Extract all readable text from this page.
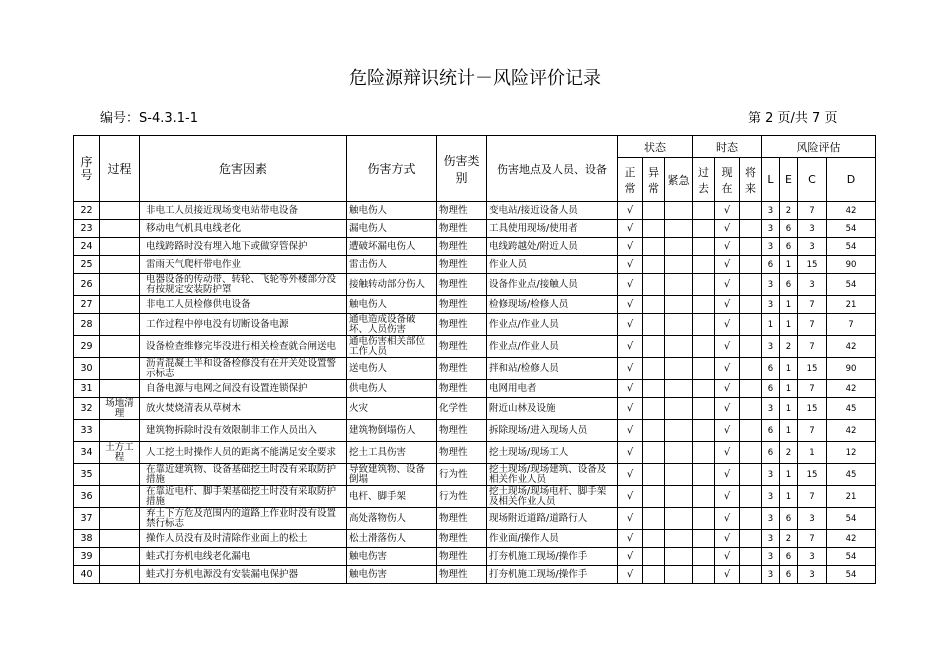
危险源辩识统计－风险评价记录
编号：S-4.3.1-1	第 2 页/共 7 页
序号	过程	危害因素	伤害方式	伤害类别	伤害地点及人员、设备	状态			时态			风险评估			
						正常	异常	紧急	过去	现在	将来	L	E	C	D
22		非电工人员接近现场变电站带电设备	触电伤人	物理性	变电站/接近设备人员	√				√		3	2	7	42
23		移动电气机具电线老化	漏电伤人	物理性	工具使用现场/使用者	√				√		3	6	3	54
24		电线跨路时没有埋入地下或做穿管保护	遭破坏漏电伤人	物理性	电线跨越处/附近人员	√				√		3	6	3	54
25		雷雨天气爬杆带电作业	雷击伤人	物理性	作业人员	√				√		6	1	15	90
26		电器设备的传动带、转轮、飞轮等外楼部分没有按规定安装防护罩	接触转动部分伤人	物理性	设备作业点/接触人员	√				√		3	6	3	54
27		非电工人员检修供电设备	触电伤人	物理性	检修现场/检修人员	√				√		3	1	7	21
28		工作过程中停电没有切断设备电源	通电造成设备破坏、人员伤害	物理性	作业点/作业人员	√				√		1	1	7	7
29		设备检查维修完毕没进行相关检查就合闸送电	通电伤害相关部位工作人员	物理性	作业点/作业人员	√				√		3	2	7	42
30		沥青混凝土半和设备检修没有在开关处设置警示标志	送电伤人	物理性	拌和站/检修人员	√				√		6	1	15	90
31		自备电源与电网之间没有设置连锁保护	供电伤人	物理性	电网用电者	√				√		6	1	7	42
32	场地清理	放火焚烧清表从草树木	火灾	化学性	附近山林及设施	√				√		3	1	15	45
33		建筑物拆除时没有效限制非工作人员出入	建筑物倒塌伤人	物理性	拆除现场/进入现场人员	√				√		6	1	7	42
34	土方工程	人工挖土时操作人员的距离不能满足安全要求	挖土工具伤害	物理性	挖土现场/现场工人	√				√		6	2	1	12
35		在靠近建筑物、设备基础挖土时没有采取防护措施	导致建筑物、设备倒塌	行为性	挖土现场/现场建筑、设备及相关作业人员	√				√		3	1	15	45
36		在靠近电杆、脚手架基础挖土时没有采取防护措施	电杆、脚手架	行为性	挖土现场/现场电杆、脚手架及相关作业人员	√				√		3	1	7	21
37		弃土下方危及范围内的道路上作业时没有设置禁行标志	高处落物伤人	物理性	现场附近道路/道路行人	√				√		3	6	3	54
38		操作人员没有及时清除作业面上的松土	松土滑落伤人	物理性	作业面/操作人员	√				√		3	2	7	42
39		蛙式打夯机电线老化漏电	触电伤害	物理性	打夯机施工现场/操作手	√				√		3	6	3	54
40		蛙式打夯机电源没有安装漏电保护器	触电伤害	物理性	打夯机施工现场/操作手	√				√		3	6	3	54
